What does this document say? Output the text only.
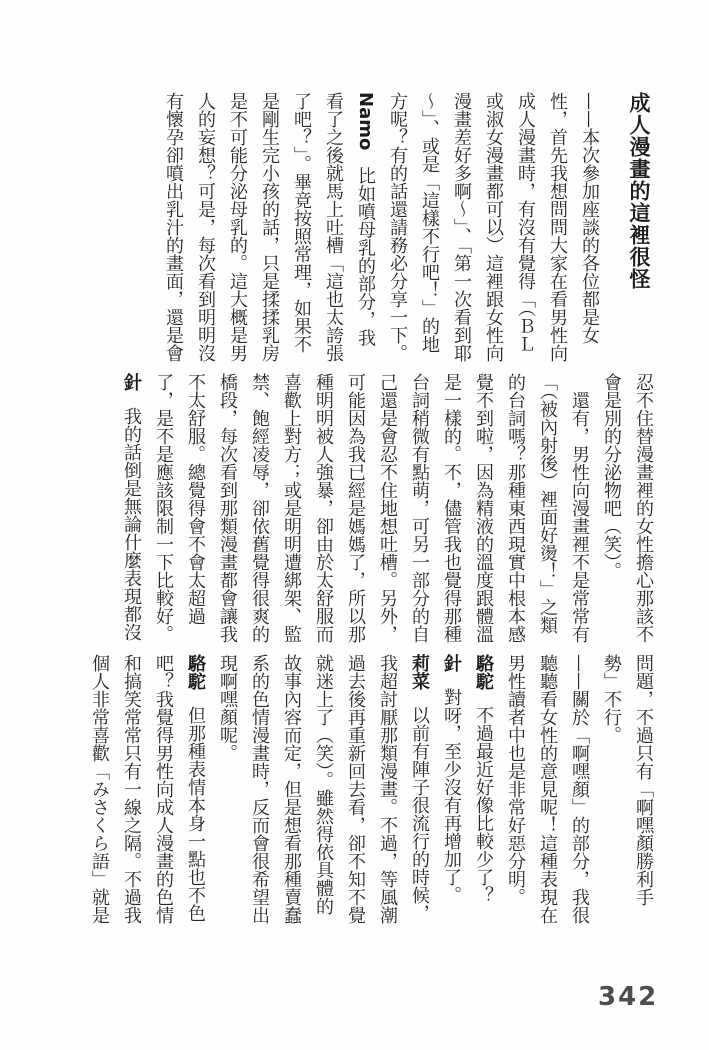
成人漫畫的這裡很怪

——本次參加座談的各位都是女性，首先我想問問大家在看男性向成人漫畫時，有沒有覺得「（ＢＬ或淑女漫畫都可以）這裡跟女性向漫畫差好多啊～」、「第一次看到耶～」、或是「這樣不行吧！」的地方呢？有的話還請務必分享一下。

Namo比如噴母乳的部分，我看了之後就馬上吐槽「這也太誇張了吧？」。畢竟按照常理，如果不是剛生完小孩的話，只是揉揉乳房是不可能分泌母乳的。這大概是男人的妄想？可是，每次看到明明沒有懷孕卻噴出乳汁的畫面，還是會

忍不住替漫畫裡的女性擔心那該不會是別的分泌物吧（笑）。

還有，男性向漫畫裡不是常常有「（被內射後）裡面好燙！」之類的台詞嗎？那種東西現實中根本感覺不到啦，因為精液的溫度跟體溫是一樣的。不，儘管我也覺得那種台詞稍微有點萌，可另一部分的自己還是會忍不住地想吐槽。另外，可能因為我已經是媽媽了，所以那種明明被人強暴，卻由於太舒服而喜歡上對方；或是明明遭綁架、監禁、飽經凌辱，卻依舊覺得很爽的橋段，每次看到那類漫畫都會讓我不太舒服。總覺得會不會太超過了，是不是應該限制一下比較好。

針我的話倒是無論什麼表現都沒

問題，不過只有「啊嘿顏勝利手勢」不行。

——關於「啊嘿顏」的部分，我很聽聽看女性的意見呢！這種表現在男性讀者中也是非常好惡分明。

駱駝不過最近好像比較少了？

針對呀，至少沒有再增加了。

莉菜以前有陣子很流行的時候，我超討厭那類漫畫。不過，等風潮過去後再重新回去看，卻不知不覺就迷上了（笑）。雖然得依具體的故事內容而定，但是想看那種賣蠢系的色情漫畫時，反而會很希望出現啊嘿顏呢。

駱駝但那種表情本身一點也不色吧？我覺得男性向成人漫畫的色情和搞笑常常只有一線之隔。不過我個人非常喜歡「みさくら語」就是

342
